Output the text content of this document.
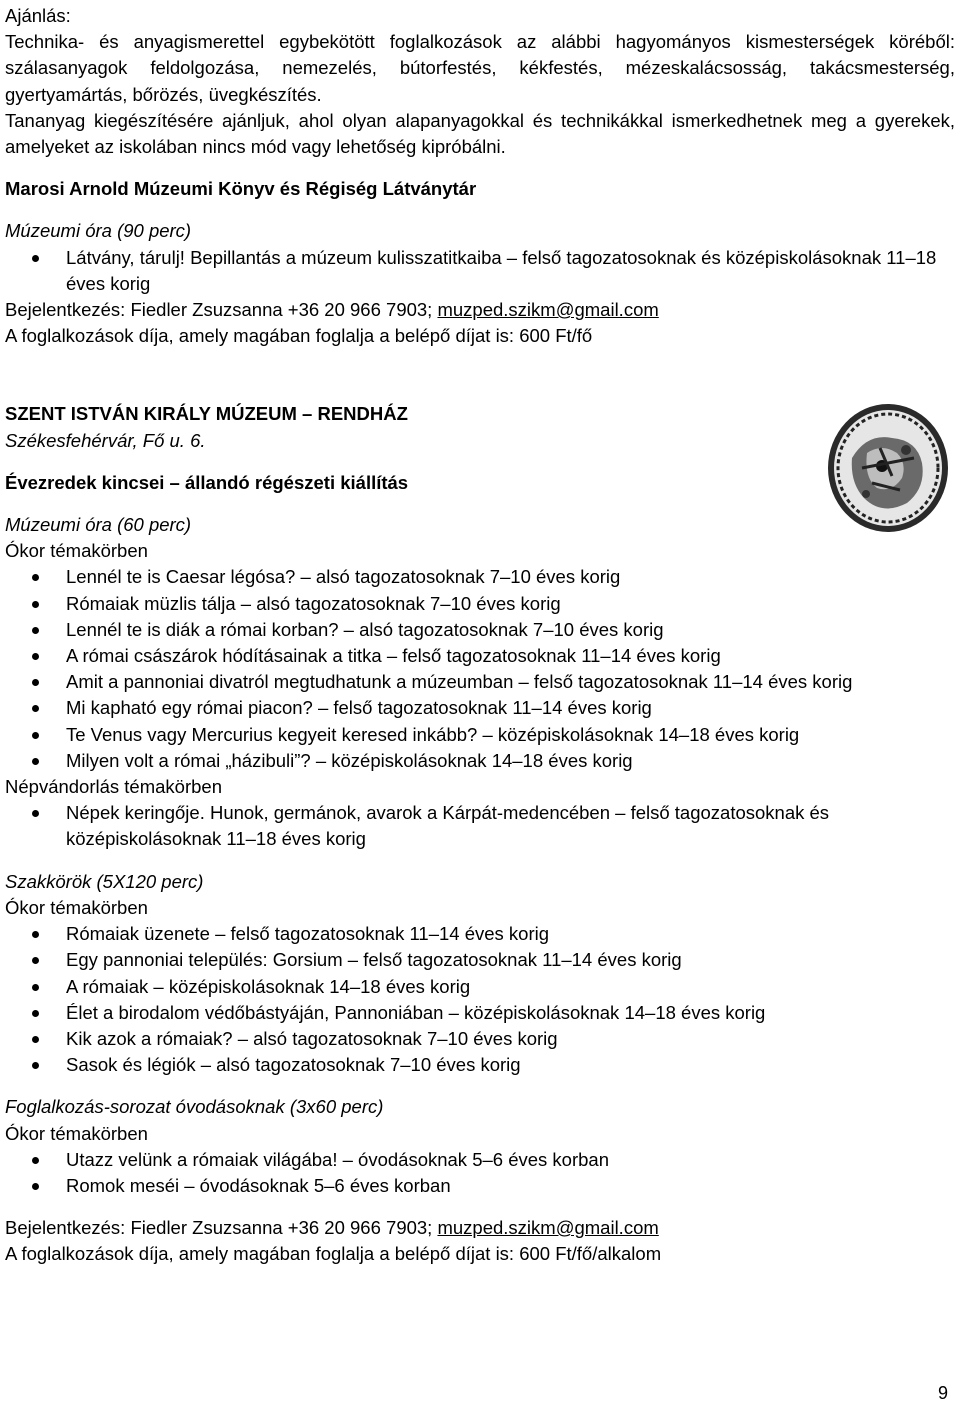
Ajánlás:

Technika- és anyagismerettel egybekötött foglalkozások az alábbi hagyományos kismesterségek köréből: szálasanyagok feldolgozása, nemezelés, bútorfestés, kékfestés, mézeskalácsosság, takácsmesterség, gyertyamártás, bőrözés, üvegkészítés.

Tananyag kiegészítésére ajánljuk, ahol olyan alapanyagokkal és technikákkal ismerkedhetnek meg a gyerekek, amelyeket az iskolában nincs mód vagy lehetőség kipróbálni.

Marosi Arnold Múzeumi Könyv és Régiség Látványtár

Múzeumi óra (90 perc)

Látvány, tárulj! Bepillantás a múzeum kulisszatitkaiba – felső tagozatosoknak és középiskolásoknak 11–18 éves korig

Bejelentkezés: Fiedler Zsuzsanna +36 20 966 7903; muzped.szikm@gmail.com

A foglalkozások díja, amely magában foglalja a belépő díjat is: 600 Ft/fő

SZENT ISTVÁN KIRÁLY MÚZEUM – RENDHÁZ

Székesfehérvár, Fő u. 6.

Évezredek kincsei – állandó régészeti kiállítás

Múzeumi óra (60 perc)

Ókor témakörben

Lennél te is Caesar légósa? – alsó tagozatosoknak 7–10 éves korig
Rómaiak müzlis tálja – alsó tagozatosoknak 7–10 éves korig
Lennél te is diák a római korban? – alsó tagozatosoknak 7–10 éves korig
A római császárok hódításainak a titka – felső tagozatosoknak 11–14 éves korig
Amit a pannoniai divatról megtudhatunk a múzeumban – felső tagozatosoknak 11–14 éves korig
Mi kapható egy római piacon? – felső tagozatosoknak 11–14 éves korig
Te Venus vagy Mercurius kegyeit keresed inkább? – középiskolásoknak 14–18 éves korig
Milyen volt a római „házibuli”? – középiskolásoknak 14–18 éves korig

Népvándorlás témakörben

Népek keringője. Hunok, germánok, avarok a Kárpát-medencében – felső tagozatosoknak és középiskolásoknak 11–18 éves korig

Szakkörök (5X120 perc)

Ókor témakörben

Rómaiak üzenete – felső tagozatosoknak 11–14 éves korig
Egy pannoniai település: Gorsium – felső tagozatosoknak 11–14 éves korig
A rómaiak – középiskolásoknak 14–18 éves korig
Élet a birodalom védőbástyáján, Pannoniában – középiskolásoknak 14–18 éves korig
Kik azok a rómaiak? – alsó tagozatosoknak 7–10 éves korig
Sasok és légiók – alsó tagozatosoknak 7–10 éves korig

Foglalkozás-sorozat óvodásoknak (3x60 perc)

Ókor témakörben

Utazz velünk a rómaiak világába! – óvodásoknak 5–6 éves korban
Romok meséi – óvodásoknak 5–6 éves korban

Bejelentkezés: Fiedler Zsuzsanna +36 20 966 7903; muzped.szikm@gmail.com

A foglalkozások díja, amely magában foglalja a belépő díjat is: 600 Ft/fő/alkalom

9
